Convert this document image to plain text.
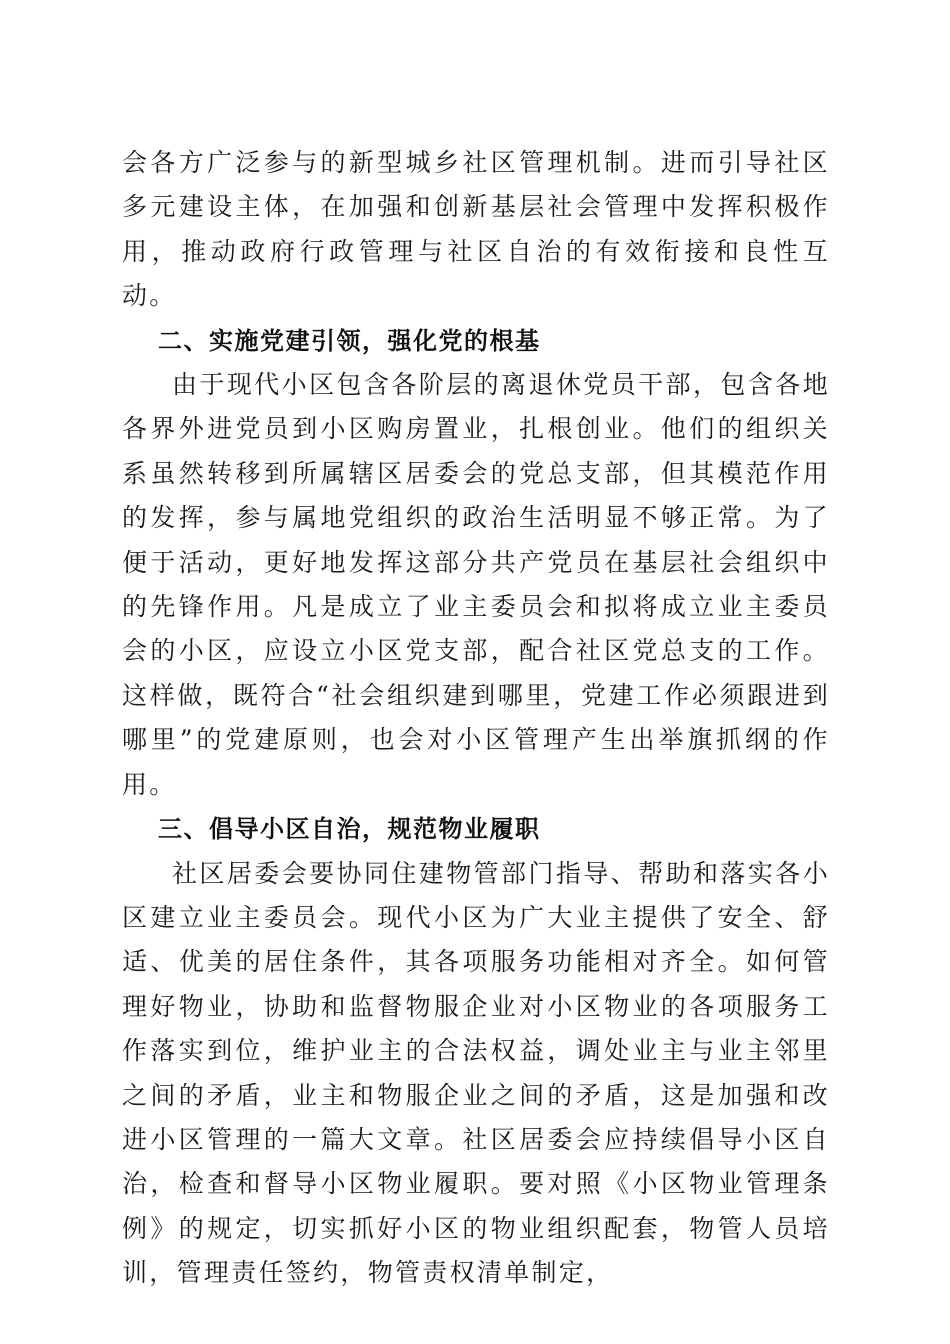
会各方广泛参与的新型城乡社区管理机制。进而引导社区多元建设主体，在加强和创新基层社会管理中发挥积极作用，推动政府行政管理与社区自治的有效衔接和良性互动。

二、实施党建引领，强化党的根基

由于现代小区包含各阶层的离退休党员干部，包含各地各界外进党员到小区购房置业，扎根创业。他们的组织关系虽然转移到所属辖区居委会的党总支部，但其模范作用的发挥，参与属地党组织的政治生活明显不够正常。为了便于活动，更好地发挥这部分共产党员在基层社会组织中的先锋作用。凡是成立了业主委员会和拟将成立业主委员会的小区，应设立小区党支部，配合社区党总支的工作。这样做，既符合“社会组织建到哪里，党建工作必须跟进到哪里”的党建原则，也会对小区管理产生出举旗抓纲的作用。

三、倡导小区自治，规范物业履职

社区居委会要协同住建物管部门指导、帮助和落实各小区建立业主委员会。现代小区为广大业主提供了安全、舒适、优美的居住条件，其各项服务功能相对齐全。如何管理好物业，协助和监督物服企业对小区物业的各项服务工作落实到位，维护业主的合法权益，调处业主与业主邻里之间的矛盾，业主和物服企业之间的矛盾，这是加强和改进小区管理的一篇大文章。社区居委会应持续倡导小区自治，检查和督导小区物业履职。要对照《小区物业管理条例》的规定，切实抓好小区的物业组织配套，物管人员培训，管理责任签约，物管责权清单制定，
